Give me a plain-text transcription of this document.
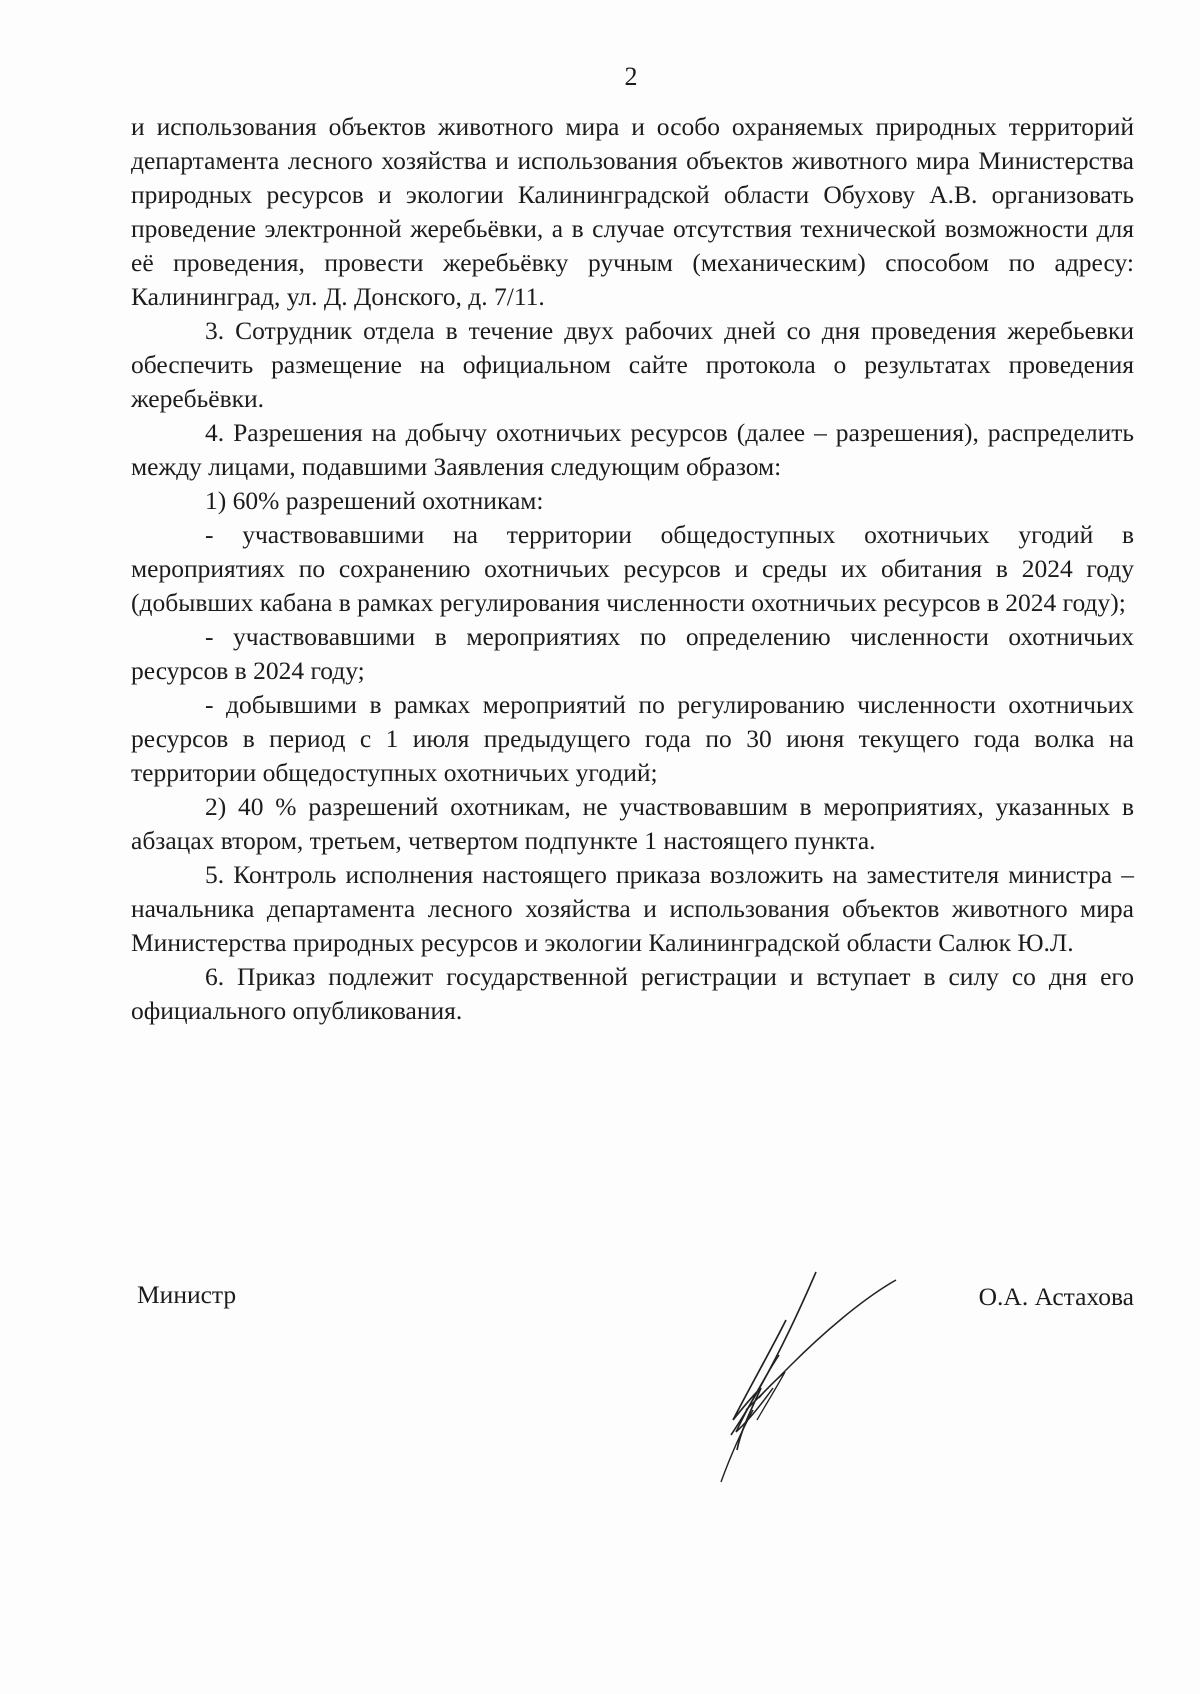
2

и использования объектов животного мира и особо охраняемых природных территорий департамента лесного хозяйства и использования объектов животного мира Министерства природных ресурсов и экологии Калининградской области Обухову А.В. организовать проведение электронной жеребьёвки, а в случае отсутствия технической возможности для её проведения, провести жеребьёвку ручным (механическим) способом по адресу: Калининград, ул. Д. Донского, д. 7/11.

3. Сотрудник отдела в течение двух рабочих дней со дня проведения жеребьевки обеспечить размещение на официальном сайте протокола о результатах проведения жеребьёвки.

4. Разрешения на добычу охотничьих ресурсов (далее – разрешения), распределить между лицами, подавшими Заявления следующим образом:

1) 60% разрешений охотникам:

- участвовавшими на территории общедоступных охотничьих угодий в мероприятиях по сохранению охотничьих ресурсов и среды их обитания в 2024 году (добывших кабана в рамках регулирования численности охотничьих ресурсов в 2024 году);

- участвовавшими в мероприятиях по определению численности охотничьих ресурсов в 2024 году;

- добывшими в рамках мероприятий по регулированию численности охотничьих ресурсов в период с 1 июля предыдущего года по 30 июня текущего года волка на территории общедоступных охотничьих угодий;

2) 40 % разрешений охотникам, не участвовавшим в мероприятиях, указанных в абзацах втором, третьем, четвертом подпункте 1 настоящего пункта.

5. Контроль исполнения настоящего приказа возложить на заместителя министра – начальника департамента лесного хозяйства и использования объектов животного мира Министерства природных ресурсов и экологии Калининградской области Салюк Ю.Л.

6. Приказ подлежит государственной регистрации и вступает в силу со дня его официального опубликования.

Министр	О.А. Астахова
